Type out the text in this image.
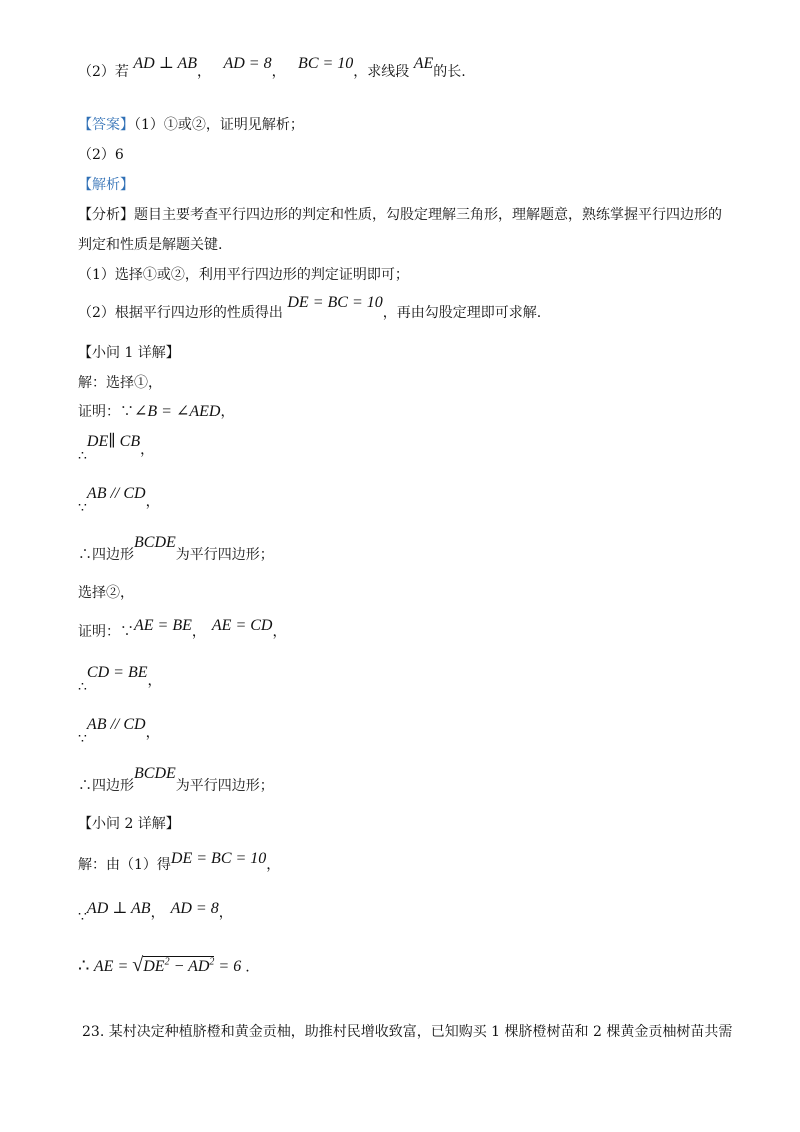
（2）若 AD ⊥ AB， AD = 8， BC = 10，求线段 AE的长.
【答案】（1）①或②，证明见解析；
（2）6
【解析】
【分析】题目主要考查平行四边形的判定和性质，勾股定理解三角形，理解题意，熟练掌握平行四边形的
判定和性质是解题关键.
（1）选择①或②，利用平行四边形的判定证明即可；
（2）根据平行四边形的性质得出 DE = BC = 10，再由勾股定理即可求解.
【小问 1 详解】
解：选择①，
证明：∵∠B = ∠AED，
∴DE∥ CB，
∵AB // CD，
∴四边形BCDE为平行四边形；
选择②，
证明：∵AE = BE， AE = CD，
∴CD = BE，
∵AB // CD，
∴四边形BCDE为平行四边形；
【小问 2 详解】
解：由（1）得DE = BC = 10，
∵AD ⊥ AB， AD = 8，
∴ AE = $√DE^2 - AD^2 = 6$ .
23. 某村决定种植脐橙和黄金贡柚，助推村民增收致富，已知购买 1 棵脐橙树苗和 2 棵黄金贡柚树苗共需
